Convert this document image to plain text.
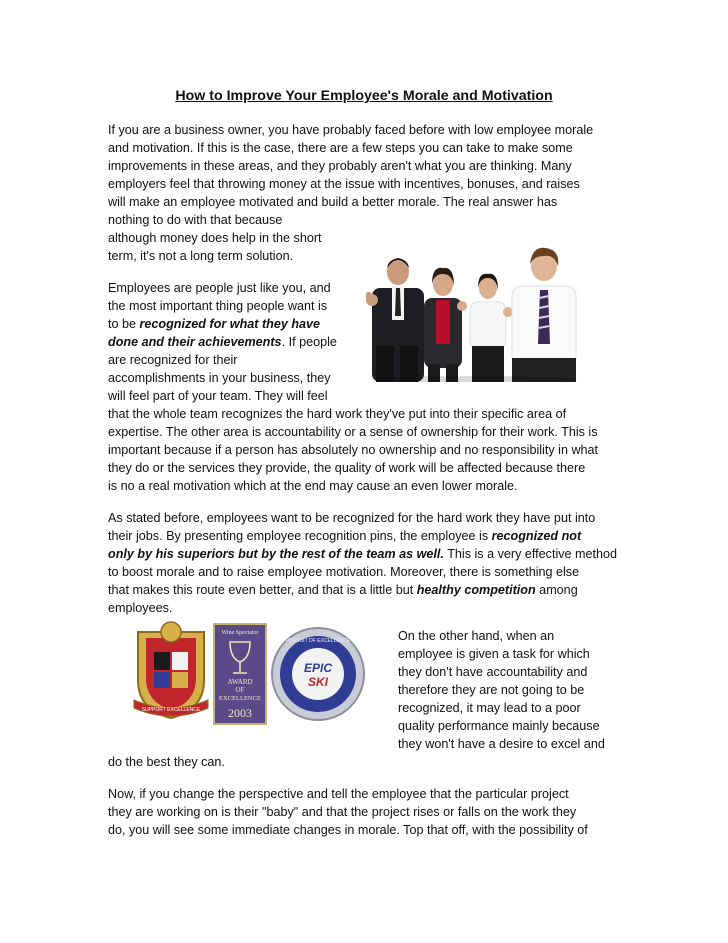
How to Improve Your Employee's Morale and Motivation
If you are a business owner, you have probably faced before with low employee morale
and motivation. If this is the case, there are a few steps you can take to make some
improvements in these areas, and they probably aren't what you are thinking. Many
employers feel that throwing money at the issue with incentives, bonuses, and raises
will make an employee motivated and build a better morale. The real answer has
nothing to do with that because
although money does help in the short
term, it's not a long term solution.
Employees are people just like you, and
the most important thing people want is
to be recognized for what they have
done and their achievements. If people
are recognized for their
accomplishments in your business, they
will feel part of your team. They will feel
that the whole team recognizes the hard work they've put into their specific area of
expertise. The other area is accountability or a sense of ownership for their work. This is
important because if a person has absolutely no ownership and no responsibility in what
they do or the services they provide, the quality of work will be affected because there
is no a real motivation which at the end may cause an even lower morale.
As stated before, employees want to be recognized for the hard work they have put into
their jobs. By presenting employee recognition pins, the employee is recognized not
only by his superiors but by the rest of the team as well. This is a very effective method
to boost morale and to raise employee motivation. Moreover, there is something else
that makes this route even better, and that is a little but healthy competition among
employees.
SUPPORT EXCELLENCE
Wine Spectator
AWARD
OF
EXCELLENCE
2003
PURSUIT OF EXCELLENCE
EPIC
SKI
On the other hand, when an
employee is given a task for which
they don't have accountability and
therefore they are not going to be
recognized, it may lead to a poor
quality performance mainly because
they won't have a desire to excel and
do the best they can.
Now, if you change the perspective and tell the employee that the particular project
they are working on is their "baby" and that the project rises or falls on the work they
do, you will see some immediate changes in morale. Top that off, with the possibility of
